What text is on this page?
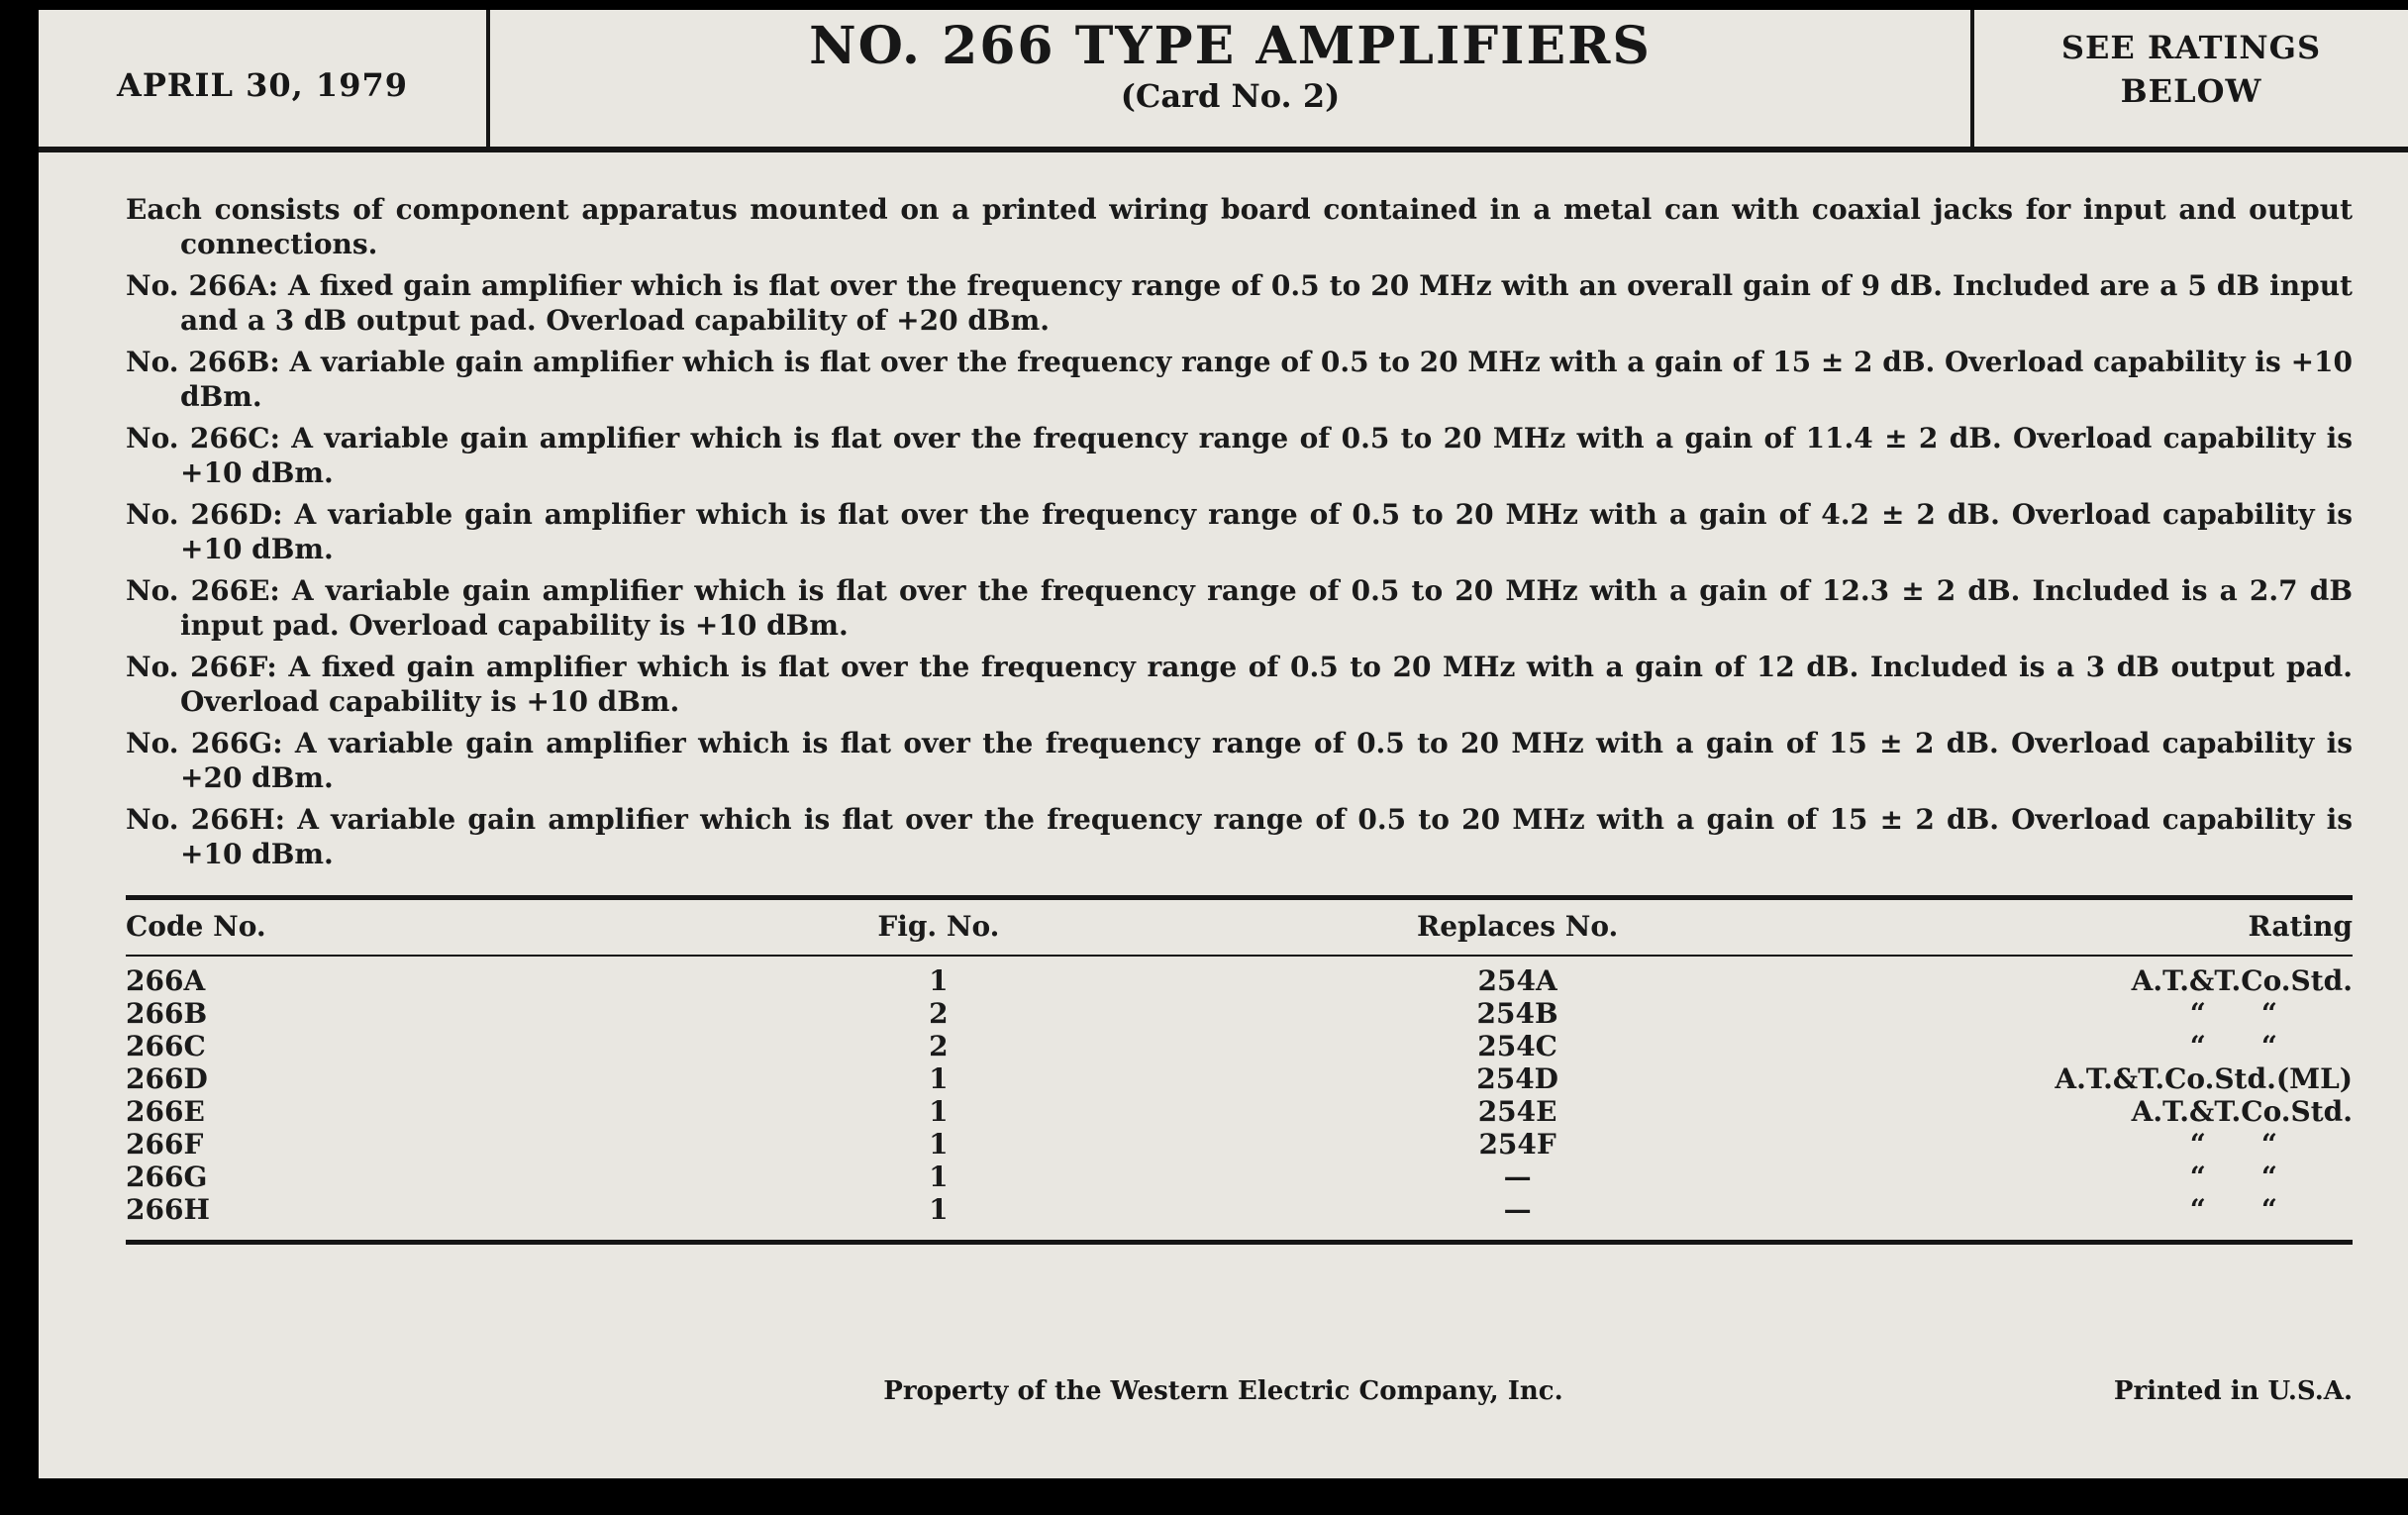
APRIL 30, 1979
NO. 266 TYPE AMPLIFIERS
(Card No. 2)
SEE RATINGS
BELOW

Each consists of component apparatus mounted on a printed wiring board contained in a metal can with coaxial jacks for input and output connections.

No. 266A: A fixed gain amplifier which is flat over the frequency range of 0.5 to 20 MHz with an overall gain of 9 dB. Included are a 5 dB input and a 3 dB output pad. Overload capability of +20 dBm.

No. 266B: A variable gain amplifier which is flat over the frequency range of 0.5 to 20 MHz with a gain of 15 ± 2 dB. Overload capability is +10 dBm.

No. 266C: A variable gain amplifier which is flat over the frequency range of 0.5 to 20 MHz with a gain of 11.4 ± 2 dB. Overload capability is +10 dBm.

No. 266D: A variable gain amplifier which is flat over the frequency range of 0.5 to 20 MHz with a gain of 4.2 ± 2 dB. Overload capability is +10 dBm.

No. 266E: A variable gain amplifier which is flat over the frequency range of 0.5 to 20 MHz with a gain of 12.3 ± 2 dB. Included is a 2.7 dB input pad. Overload capability is +10 dBm.

No. 266F: A fixed gain amplifier which is flat over the frequency range of 0.5 to 20 MHz with a gain of 12 dB. Included is a 3 dB output pad. Overload capability is +10 dBm.

No. 266G: A variable gain amplifier which is flat over the frequency range of 0.5 to 20 MHz with a gain of 15 ± 2 dB. Overload capability is +20 dBm.

No. 266H: A variable gain amplifier which is flat over the frequency range of 0.5 to 20 MHz with a gain of 15 ± 2 dB. Overload capability is +10 dBm.

Code No.	Fig. No.	Replaces No.	Rating
266A	1	254A	A.T.&T.Co.Std.
266B	2	254B	“  “
266C	2	254C	“  “
266D	1	254D	A.T.&T.Co.Std.(ML)
266E	1	254E	A.T.&T.Co.Std.
266F	1	254F	“  “
266G	1	—	“  “
266H	1	—	“  “
Property of the Western Electric Company, Inc.	Printed in U.S.A.
